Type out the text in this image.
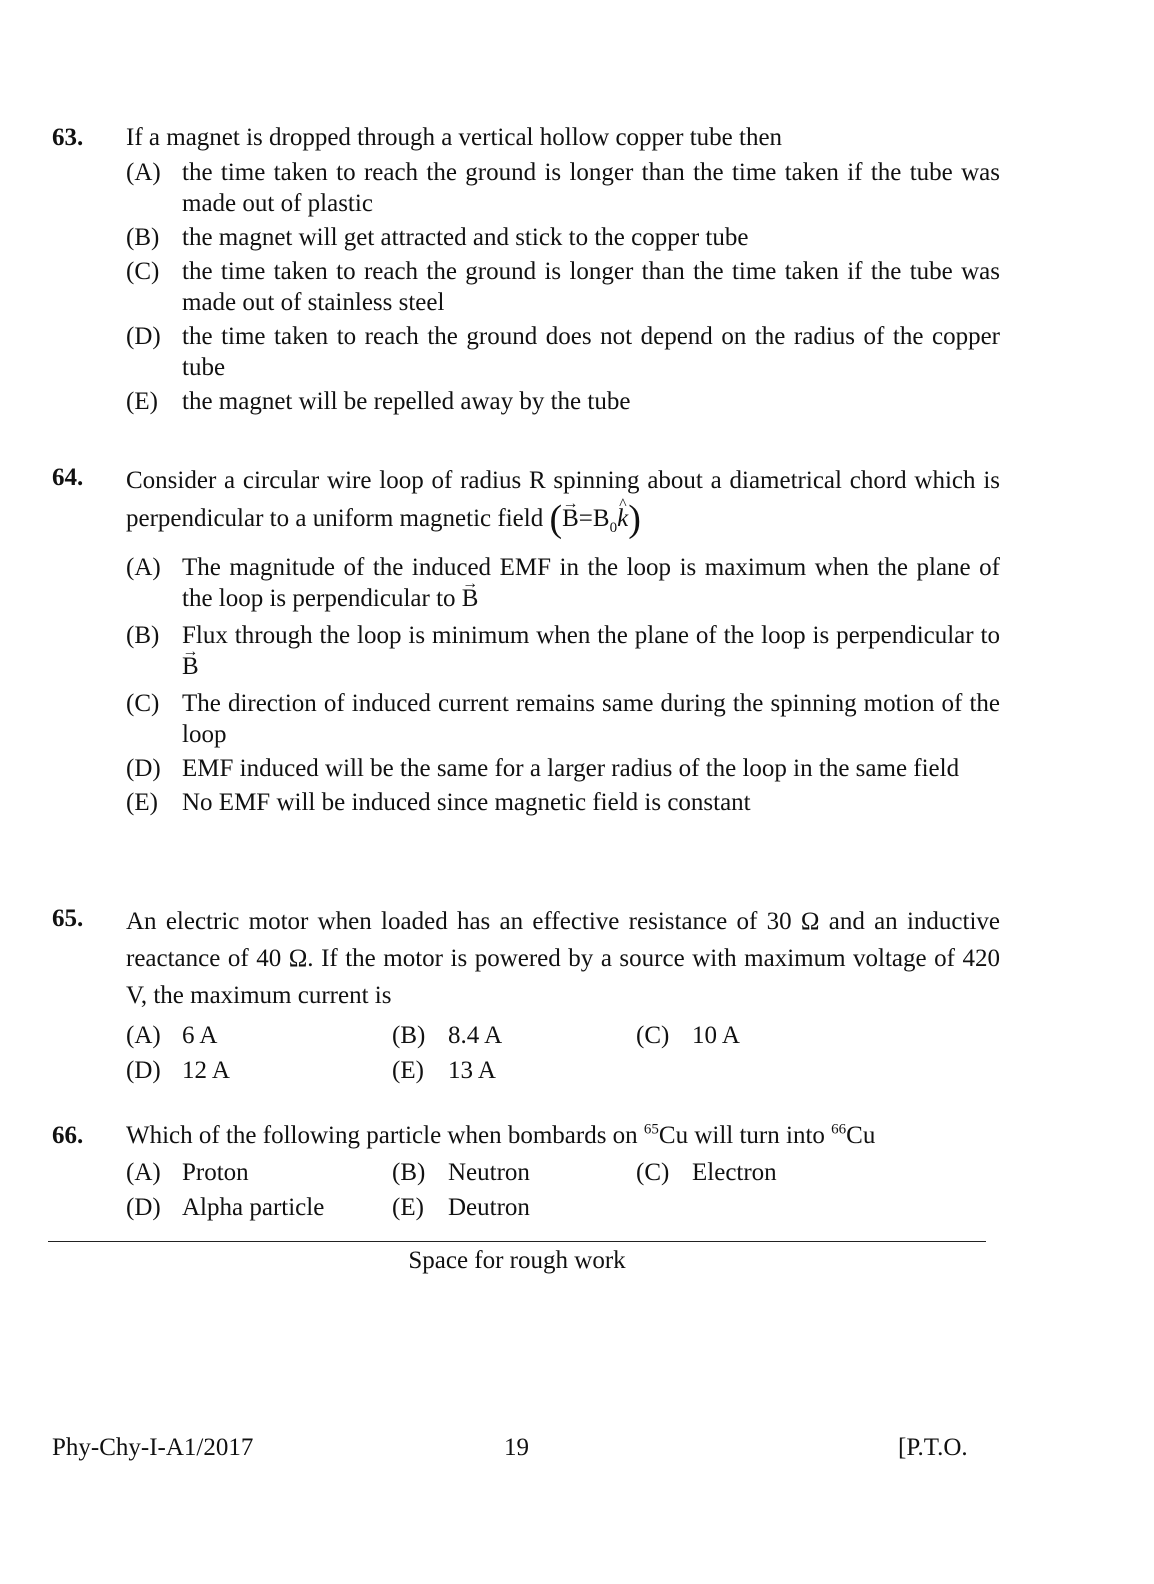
63.	If a magnet is dropped through a vertical hollow copper tube then
(A) the time taken to reach the ground is longer than the time taken if the tube was made out of plastic
(B) the magnet will get attracted and stick to the copper tube
(C) the time taken to reach the ground is longer than the time taken if the tube was made out of stainless steel
(D) the time taken to reach the ground does not depend on the radius of the copper tube
(E) the magnet will be repelled away by the tube
64.	Consider a circular wire loop of radius R spinning about a diametrical chord which is perpendicular to a uniform magnetic field (→ $B=B_0\^{}$ k)
(A) The magnitude of the induced EMF in the loop is maximum when the plane of the loop is perpendicular to → B
(B) Flux through the loop is minimum when the plane of the loop is perpendicular to → B
(C) The direction of induced current remains same during the spinning motion of the loop
(D) EMF induced will be the same for a larger radius of the loop in the same field
(E) No EMF will be induced since magnetic field is constant
65.	An electric motor when loaded has an effective resistance of 30 Ω and an inductive reactance of 40 Ω. If the motor is powered by a source with maximum voltage of 420 V, the maximum current is
(A) 6 A	(B) 8.4 A	(C) 10 A
(D) 12 A	(E) 13 A
66.	Which of the following particle when bombards on $^{65}$Cu will turn into $^{66}$Cu
(A) Proton	(B) Neutron	(C) Electron
(D) Alpha particle	(E) Deutron
Space for rough work
Phy-Chy-I-A1/2017	19	[P.T.O.
